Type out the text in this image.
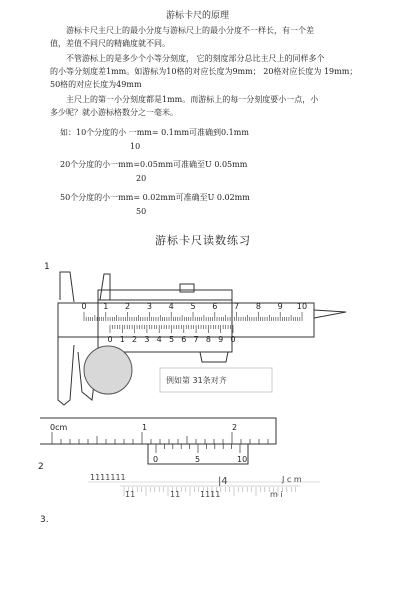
游标卡尺的原理
游标卡尺主尺上的最小分度与游标尺上的最小分度不一样长，有一个差
值，差值不同尺的精确度就不同。
不管游标上的是多少个小等分刻度， 它的刻度部分总比主尺上的同样多个
的小等分刻度差1mm。如游标为10格的对应长度为9mm； 20格对应长度为 19mm；
50格的对应长度为49mm
主尺上的第一小分刻度都是1mm。而游标上的每一分刻度要小一点，小
多少呢？就小游标格数分之一毫米。
如：10个分度的小 一mm= 0.1mm可准确到0.1mm
10
20个分度的小一mm=0.05mm可准确至U 0.05mm
20
50个分度的小一mm= 0.02mm可准确至U 0.02mm
50
游标卡尺读数练习
1
2
3.
0 1 2 3 4 5 6 7 8 9 10
0 1 2 3 4 5 6 7 8 9 0
例如第 31条对齐
0cm	1	2
0	5	10
1111111
11	11 1111
|4	J c m
m i
